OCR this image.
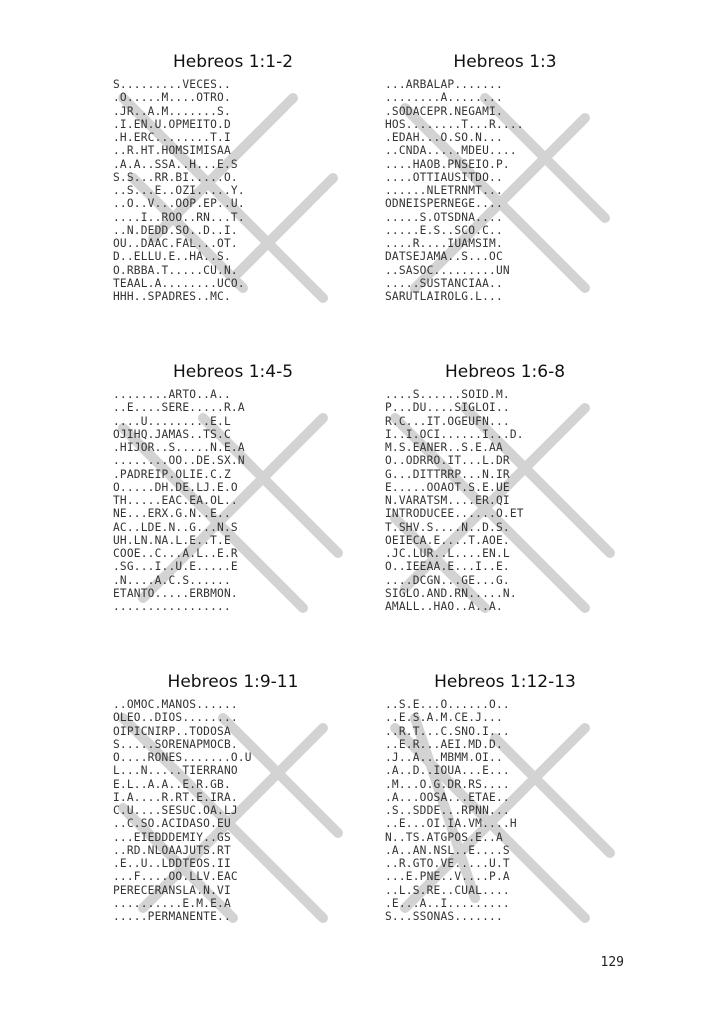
Hebreos 1:1-2
S.........VECES..
.O.....M....OTRO.
.JR..A.M.......S.
.I.EN.U.OPMEITO.D
.H.ERC........T.I
..R.HT.HOMSIMISAA
.A.A..SSA..H...E.S
S.S...RR.BI.....O.
..S...E..OZI.....Y.
..O..V...OOP.EP..U.
....I..ROO..RN...T.
..N.DEDD.SO..D..I.
OU..DAAC.FAL...OT.
D..ELLU.E..HA..S.
O.RBBA.T.....CU.N.
TEAAL.A........UCO.
HHH..SPADRES..MC.
Hebreos 1:3
...ARBALAP.......
........A........
.SODACEPR.NEGAMI.
HOS........T...R....
.EDAH...O.SO.N...
..CNDA.....MDEU....
....HAOB.PNSEIO.P.
....OTTIAUSITDO..
......NLETRNMT...
ODNEISPERNEGE....
.....S.OTSDNA....
.....E.S..SCO.C..
....R....IUAMSIM.
DATSEJAMA..S...OC
..SASOC.........UN
.....SUSTANCIAA..
SARUTLAIROLG.L...
Hebreos 1:4-5
........ARTO..A..
..E....SERE.....R.A
....U.........E.L
OJIHQ.JAMAS..TS.C
.HIJOR..S.....N.E.A
........OO..DE.SX.N
.PADREIP.OLIE.C.Z
O.....DH.DE.LJ.E.O
TH.....EAC.EA.OL..
NE...ERX.G.N..E..
AC..LDE.N..G...N.S
UH.LN.NA.L.E..T.E
COOE..C...A.L..E.R
.SG...I..U.E.....E
.N....A.C.S......
ETANTO.....ERBMON.
.................
Hebreos 1:6-8
....S......SOID.M.
P...DU....SIGLOI..
R.C...IT.OGEUFN...
I..I.OCI......I...D.
M.S.EANER..S.E.AA
O..ODRRO.IT...L.DR
G...DITTRRP...N.IR
E.....OOAOT.S.E.UE
N.VARATSM....ER.QI
INTRODUCEE......O.ET
T.SHV.S....N..D.S.
OEIECA.E....T.AOE.
.JC.LUR..L....EN.L
O..IEEAA.E...I..E.
....DCGN...GE...G.
SIGLO.AND.RN.....N.
AMALL..HAO..A..A.
Hebreos 1:9-11
..OMOC.MANOS......
OLEO..DIOS........
OIPICNIRP..TODOSA
S.....SORENAPMOCB.
O....RONES.......O.U
L...N.....TIERRANO
E.L..A.A..E.R.GB.
I.A....R.RT.E.IRA.
C.U....SESUC.OA.LJ
..C.SO.ACIDASO.EU
...EIEDDDEMIY..GS
..RD.NLOAAJUTS.RT
.E..U..LDDTEOS.II
...F....OO.LLV.EAC
PERECERANSLA.N.VI
..........E.M.E.A
.....PERMANENTE..
Hebreos 1:12-13
..S.E...O......O..
..E.S.A.M.CE.J...
..R.T...C.SNO.I...
..E.R...AEI.MD.D.
.J..A...MBMM.OI..
.A..D..IOUA...E...
.M...O.G.DR.RS....
.A...OOSA...ETAE..
.S..SDDE...RPNN...
..E...OI.IA.VM....H
N..TS.ATGPOS.E..A
.A..AN.NSL..E....S
..R.GTO.VE.....U.T
...E.PNE..V....P.A
..L.S.RE..CUAL....
.E...A..I.........
S...SSONAS.......
129
